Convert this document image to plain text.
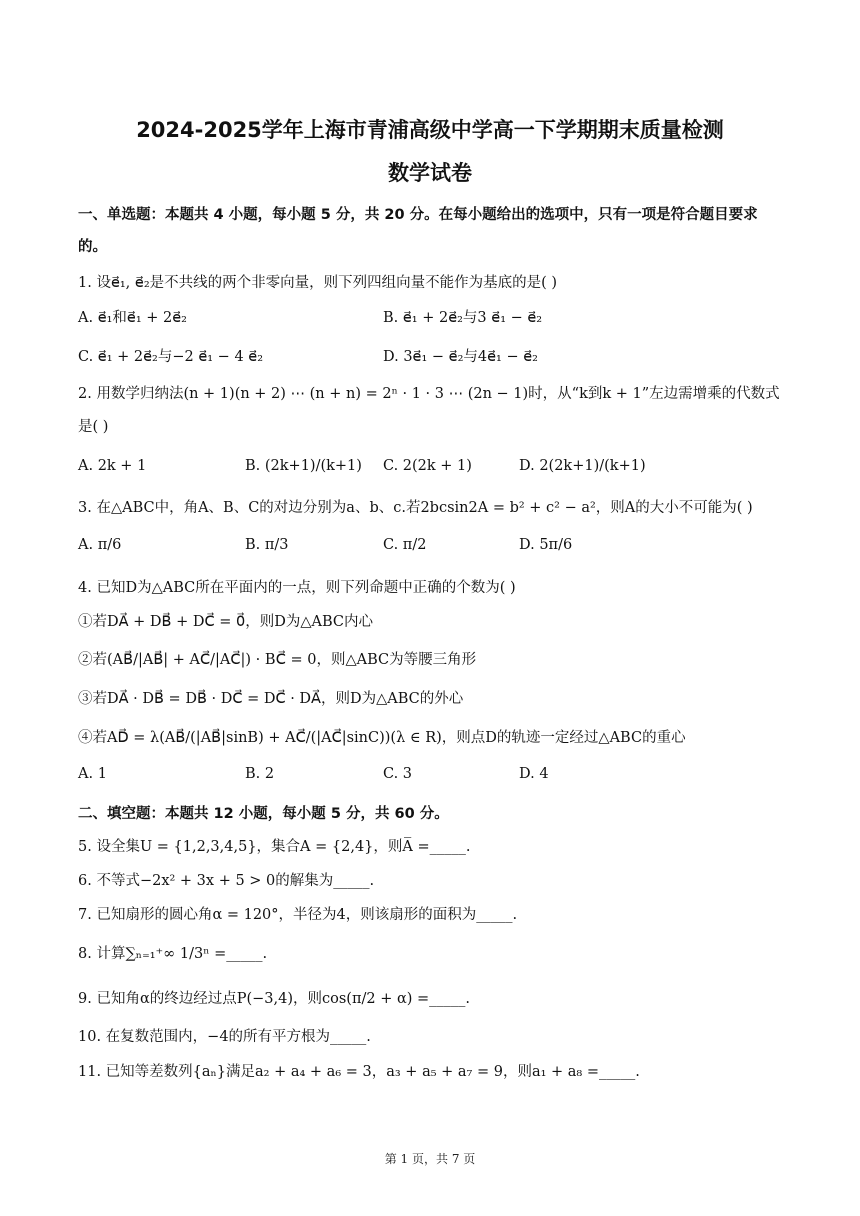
2024-2025学年上海市青浦高级中学高一下学期期末质量检测
数学试卷
一、单选题：本题共 4 小题，每小题 5 分，共 20 分。在每小题给出的选项中，只有一项是符合题目要求
的。
1. 设e⃗₁, e⃗₂是不共线的两个非零向量，则下列四组向量不能作为基底的是( )
A. e⃗₁和e⃗₁ + 2e⃗₂	B. e⃗₁ + 2e⃗₂与3 e⃗₁ − e⃗₂
C. e⃗₁ + 2e⃗₂与−2 e⃗₁ − 4 e⃗₂	D. 3e⃗₁ − e⃗₂与4e⃗₁ − e⃗₂
2. 用数学归纳法(n + 1)(n + 2) ⋯ (n + n) = 2ⁿ · 1 · 3 ⋯ (2n − 1)时，从“k到k + 1”左边需增乘的代数式
是( )
A. 2k + 1	B. (2k+1)/(k+1) C. 2(2k + 1)	D. 2(2k+1)/(k+1)
3. 在△ABC中，角A、B、C的对边分别为a、b、c.若2bcsin2A = b² + c² − a²，则A的大小不可能为( )
A. π/6	B. π/3	C. π/2	D. 5π/6
4. 已知D为△ABC所在平面内的一点，则下列命题中正确的个数为( )
①若DA⃗ + DB⃗ + DC⃗ = 0⃗，则D为△ABC内心
②若(AB⃗/|AB⃗| + AC⃗/|AC⃗|) · BC⃗ = 0，则△ABC为等腰三角形
③若DA⃗ · DB⃗ = DB⃗ · DC⃗ = DC⃗ · DA⃗，则D为△ABC的外心
④若AD⃗ = λ(AB⃗/(|AB⃗|sinB) + AC⃗/(|AC⃗|sinC))(λ ∈ R)，则点D的轨迹一定经过△ABC的重心
A. 1	B. 2	C. 3	D. 4
二、填空题：本题共 12 小题，每小题 5 分，共 60 分。
5. 设全集U = {1,2,3,4,5}，集合A = {2,4}，则A̅ =_____.
6. 不等式−2x² + 3x + 5 > 0的解集为_____.
7. 已知扇形的圆心角α = 120°，半径为4，则该扇形的面积为_____.
8. 计算∑ₙ₌₁⁺∞ 1/3ⁿ =_____.
9. 已知角α的终边经过点P(−3,4)，则cos(π/2 + α) =_____.
10. 在复数范围内，−4的所有平方根为_____.
11. 已知等差数列{aₙ}满足a₂ + a₄ + a₆ = 3，a₃ + a₅ + a₇ = 9，则a₁ + a₈ =_____.
第 1 页，共 7 页
